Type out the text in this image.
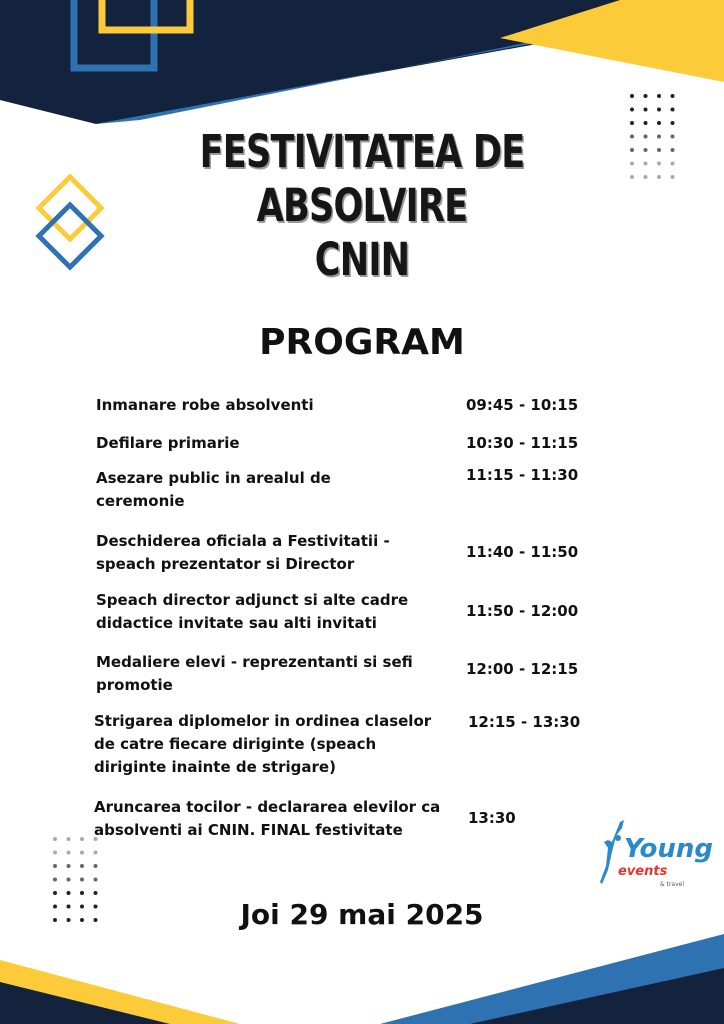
FESTIVITATEA DE
ABSOLVIRE
CNIN
PROGRAM
Inmanare robe absolventi	09:45 - 10:15
Defilare primarie	10:30 - 11:15
Asezare public in arealul de ceremonie
11:15 - 11:30
Deschiderea oficiala a Festivitatii - speach prezentator si Director
11:40 - 11:50
Speach director adjunct si alte cadre didactice invitate sau alti invitati
11:50 - 12:00
Medaliere elevi - reprezentanti si sefi promotie
12:00 - 12:15
Strigarea diplomelor in ordinea claselor de catre fiecare diriginte (speach diriginte inainte de strigare)
12:15 - 13:30
Aruncarea tocilor - declararea elevilor ca absolventi ai CNIN. FINAL festivitate
13:30
Young
events
& travel
Joi 29 mai 2025
